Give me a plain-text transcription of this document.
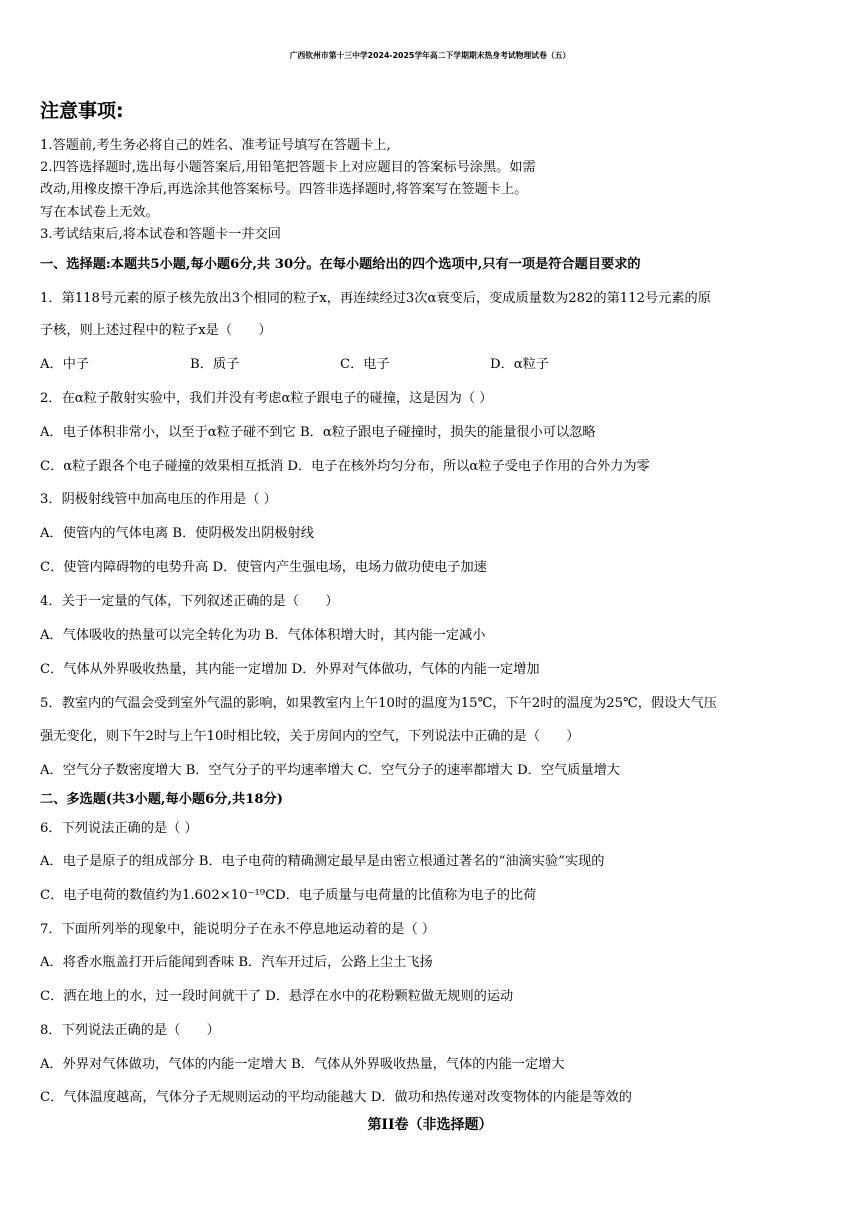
广西钦州市第十三中学2024-2025学年高二下学期期末热身考试物理试卷（五）
注意事项:
1.答题前,考生务必将自己的姓名、准考证号填写在答题卡上,
2.四答选择题时,选出每小题答案后,用铅笔把答题卡上对应题目的答案标号涂黑。如需
改动,用橡皮擦干净后,再选涂其他答案标号。四答非选择题时,将答案写在签题卡上。
写在本试卷上无效。
3.考试结束后,将本试卷和答题卡一并交回
一、选择题:本题共5小题,每小题6分,共 30分。在每小题给出的四个选项中,只有一项是符合题目要求的
1．第118号元素的原子核先放出3个相同的粒子x，再连续经过3次α衰变后，变成质量数为282的第112号元素的原
子核，则上述过程中的粒子x是（　　）
A．中子	B．质子	C．电子	D．α粒子
2．在α粒子散射实验中，我们并没有考虑α粒子跟电子的碰撞，这是因为（ ）
A．电子体积非常小，以至于α粒子碰不到它 B．α粒子跟电子碰撞时，损失的能量很小可以忽略
C．α粒子跟各个电子碰撞的效果相互抵消 D．电子在核外均匀分布，所以α粒子受电子作用的合外力为零
3．阴极射线管中加高电压的作用是（ ）
A．使管内的气体电离 B．使阴极发出阴极射线
C．使管内障碍物的电势升高 D．使管内产生强电场，电场力做功使电子加速
4．关于一定量的气体，下列叙述正确的是（　　）
A．气体吸收的热量可以完全转化为功 B．气体体积增大时，其内能一定减小
C．气体从外界吸收热量，其内能一定增加 D．外界对气体做功，气体的内能一定增加
5．教室内的气温会受到室外气温的影响，如果教室内上午10时的温度为15℃，下午2时的温度为25℃，假设大气压
强无变化，则下午2时与上午10时相比较，关于房间内的空气，下列说法中正确的是（　　）
A．空气分子数密度增大 B．空气分子的平均速率增大 C．空气分子的速率都增大 D．空气质量增大
二、多选题(共3小题,每小题6分,共18分)
6．下列说法正确的是（ ）
A．电子是原子的组成部分 B．电子电荷的精确测定最早是由密立根通过著名的“油滴实验”实现的
C．电子电荷的数值约为1.602×10⁻¹⁹CD．电子质量与电荷量的比值称为电子的比荷
7．下面所列举的现象中，能说明分子在永不停息地运动着的是（ ）
A．将香水瓶盖打开后能闻到香味 B．汽车开过后，公路上尘土飞扬
C．洒在地上的水，过一段时间就干了 D．悬浮在水中的花粉颗粒做无规则的运动
8．下列说法正确的是（　　）
A．外界对气体做功，气体的内能一定增大 B．气体从外界吸收热量，气体的内能一定增大
C．气体温度越高，气体分子无规则运动的平均动能越大 D．做功和热传递对改变物体的内能是等效的
第II卷（非选择题）
